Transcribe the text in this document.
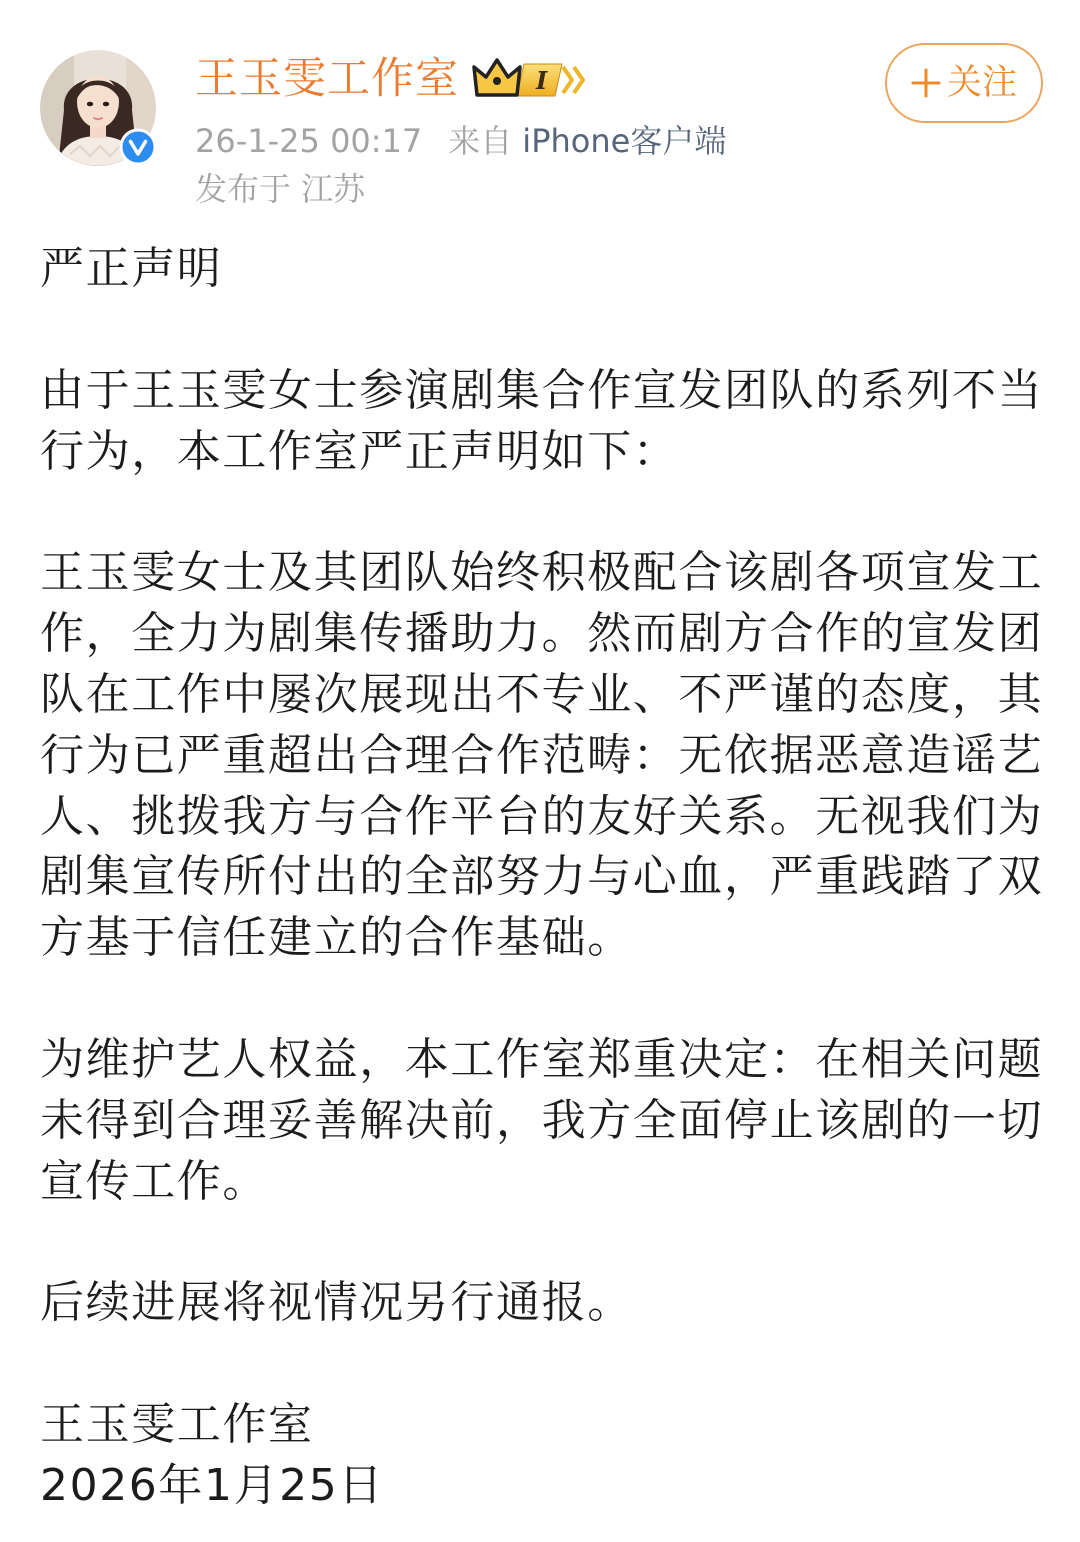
王玉雯工作室	I	关注
26-1-25 00:17 来自 iPhone客户端
发布于 江苏

严正声明

由于王玉雯女士参演剧集合作宣发团队的系列不当
行为，本工作室严正声明如下：

王玉雯女士及其团队始终积极配合该剧各项宣发工
作，全力为剧集传播助力。然而剧方合作的宣发团
队在工作中屡次展现出不专业、不严谨的态度，其
行为已严重超出合理合作范畴：无依据恶意造谣艺
人、挑拨我方与合作平台的友好关系。无视我们为
剧集宣传所付出的全部努力与心血，严重践踏了双
方基于信任建立的合作基础。

为维护艺人权益，本工作室郑重决定：在相关问题
未得到合理妥善解决前，我方全面停止该剧的一切
宣传工作。

后续进展将视情况另行通报。

王玉雯工作室
2026年1月25日
